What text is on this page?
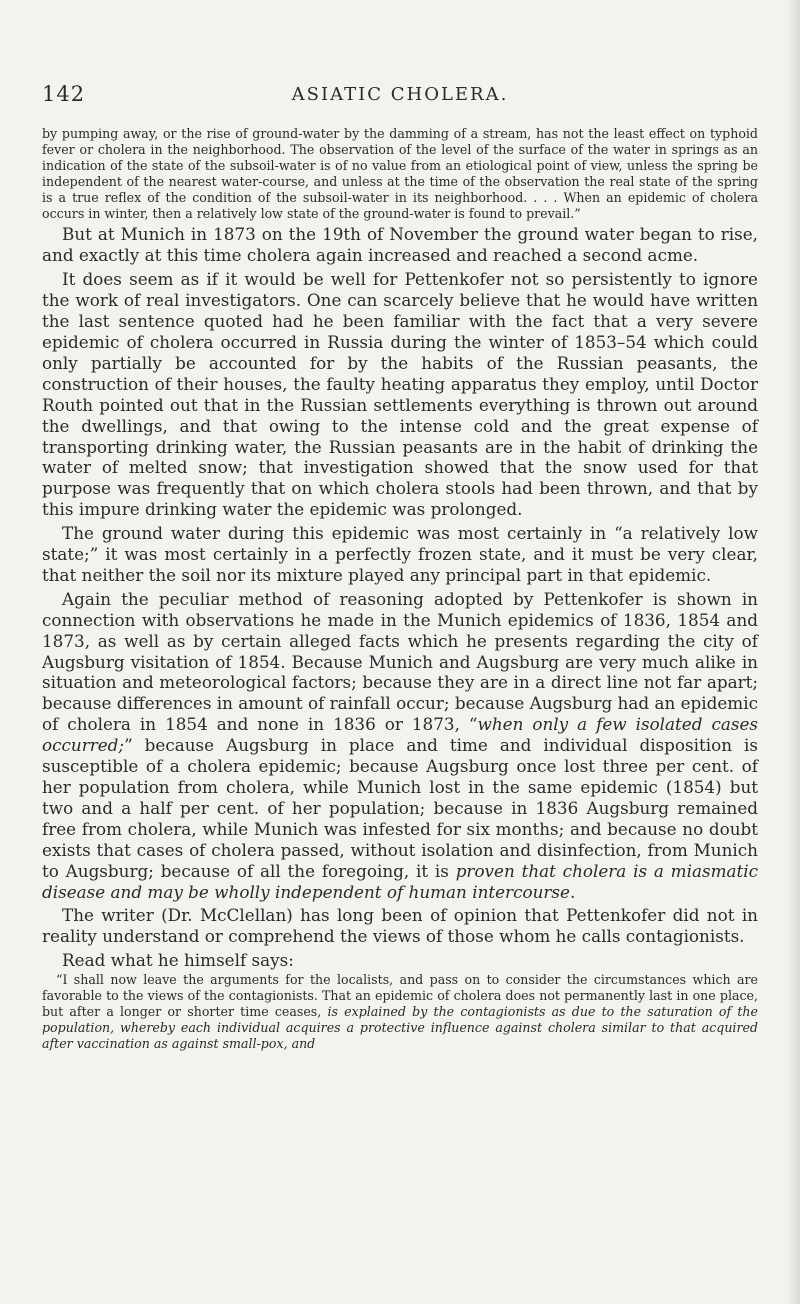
142	ASIATIC CHOLERA.

by pumping away, or the rise of ground-water by the damming of a stream, has not the least effect on typhoid fever or cholera in the neighborhood. The observation of the level of the surface of the water in springs as an indication of the state of the subsoil-water is of no value from an etiological point of view, unless the spring be independent of the nearest water-course, and unless at the time of the observation the real state of the spring is a true reflex of the condition of the subsoil-water in its neighborhood. . . . When an epidemic of cholera occurs in winter, then a relatively low state of the ground-water is found to prevail.”

But at Munich in 1873 on the 19th of November the ground water began to rise, and exactly at this time cholera again increased and reached a second acme.

It does seem as if it would be well for Pettenkofer not so persistently to ignore the work of real investigators. One can scarcely believe that he would have written the last sentence quoted had he been familiar with the fact that a very severe epidemic of cholera occurred in Russia during the winter of 1853–54 which could only partially be accounted for by the habits of the Russian peasants, the construction of their houses, the faulty heating apparatus they employ, until Doctor Routh pointed out that in the Russian settlements everything is thrown out around the dwellings, and that owing to the intense cold and the great expense of transporting drinking water, the Russian peasants are in the habit of drinking the water of melted snow; that investigation showed that the snow used for that purpose was frequently that on which cholera stools had been thrown, and that by this impure drinking water the epidemic was prolonged.

The ground water during this epidemic was most certainly in “a relatively low state;” it was most certainly in a perfectly frozen state, and it must be very clear, that neither the soil nor its mixture played any principal part in that epidemic.

Again the peculiar method of reasoning adopted by Pettenkofer is shown in connection with observations he made in the Munich epidemics of 1836, 1854 and 1873, as well as by certain alleged facts which he presents regarding the city of Augsburg visitation of 1854. Because Munich and Augsburg are very much alike in situation and meteorological factors; because they are in a direct line not far apart; because differences in amount of rainfall occur; because Augsburg had an epidemic of cholera in 1854 and none in 1836 or 1873, “when only a few isolated cases occurred;” because Augsburg in place and time and individual disposition is susceptible of a cholera epidemic; because Augsburg once lost three per cent. of her population from cholera, while Munich lost in the same epidemic (1854) but two and a half per cent. of her population; because in 1836 Augsburg remained free from cholera, while Munich was infested for six months; and because no doubt exists that cases of cholera passed, without isolation and disinfection, from Munich to Augsburg; because of all the foregoing, it is proven that cholera is a miasmatic disease and may be wholly independent of human intercourse.

The writer (Dr. McClellan) has long been of opinion that Pettenkofer did not in reality understand or comprehend the views of those whom he calls contagionists.

Read what he himself says:

“I shall now leave the arguments for the localists, and pass on to consider the circumstances which are favorable to the views of the contagionists. That an epidemic of cholera does not permanently last in one place, but after a longer or shorter time ceases, is explained by the contagionists as due to the saturation of the population, whereby each individual acquires a protective influence against cholera similar to that acquired after vaccination as against small-pox, and
